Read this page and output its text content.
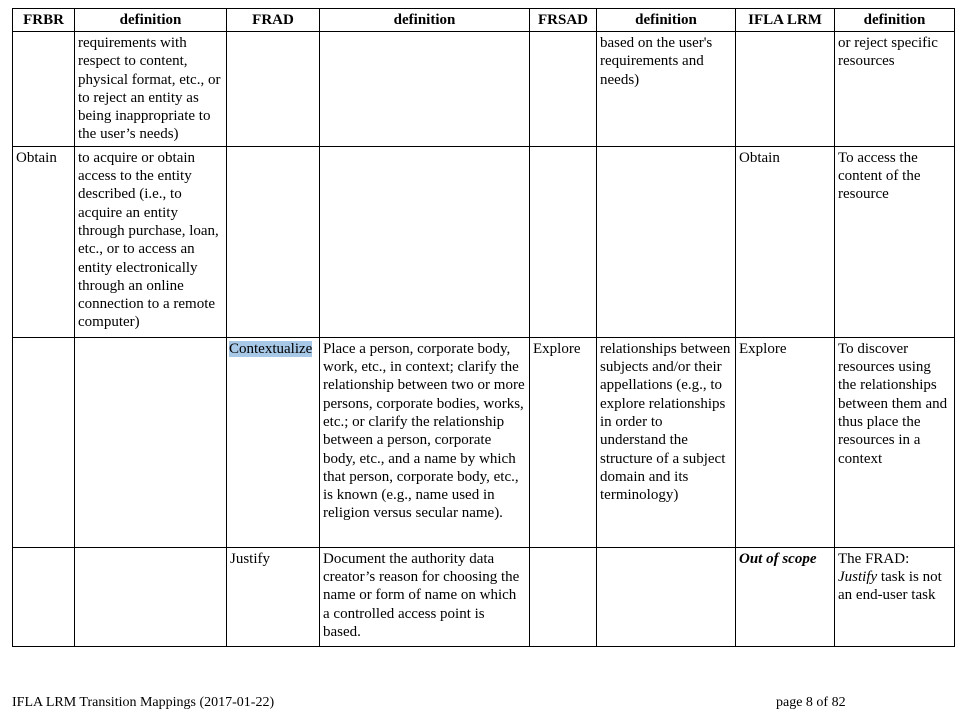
FRBR	definition	FRAD	definition	FRSAD	definition	IFLA LRM	definition
	requirements with respect to content, physical format, etc., or to reject an entity as being inappropriate to the user’s needs)				based on the user's requirements and needs)		or reject specific resources
Obtain	to acquire or obtain access to the entity described (i.e., to acquire an entity through purchase, loan, etc., or to access an entity electronically through an online connection to a remote computer)					Obtain	To access the content of the resource
		Contextualize	Place a person, corporate body, work, etc., in context; clarify the relationship between two or more persons, corporate bodies, works, etc.; or clarify the relationship between a person, corporate body, etc., and a name by which that person, corporate body, etc., is known (e.g., name used in religion versus secular name).	Explore	relationships between subjects and/or their appellations (e.g., to explore relationships in order to understand the structure of a subject domain and its terminology)	Explore	To discover resources using the relationships between them and thus place the resources in a context
		Justify	Document the authority data creator’s reason for choosing the name or form of name on which a controlled access point is based.			Out of scope	The FRAD: Justify task is not an end-user task
IFLA LRM Transition Mappings (2017-01-22)	page 8 of 82
